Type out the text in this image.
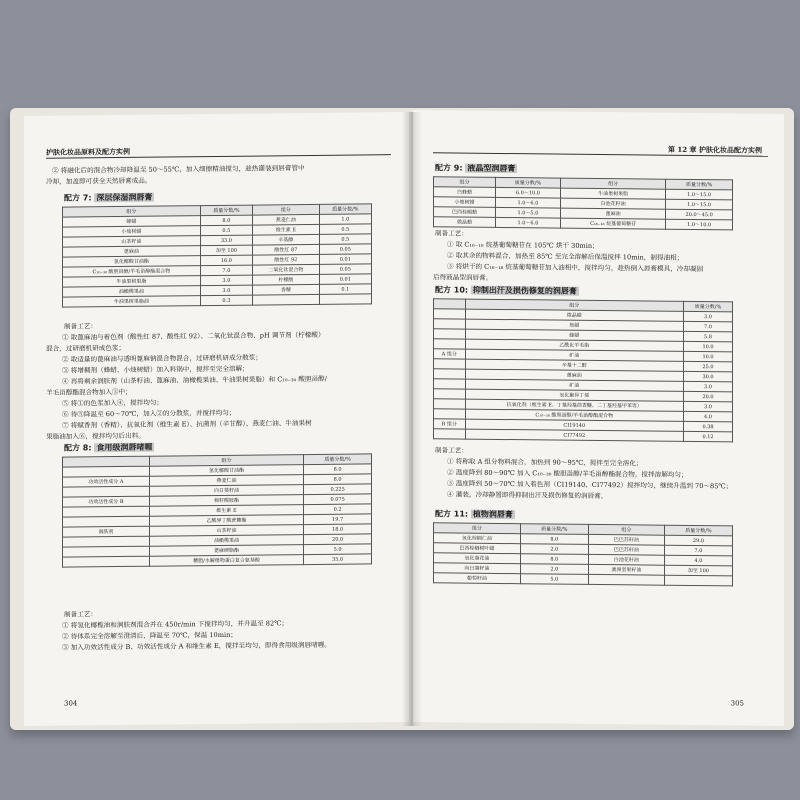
护肤化妆品原料及配方实例
② 将融化后的混合物冷却降温至 50～55℃，加入细擦精油搅匀，趁热灌装到唇膏管中
冷却，加盖即可获全天然唇膏成品。
配方 7: 深层保湿润唇膏
组分	质量分数/%	组分	质量分数/%
蜂蜡	8.0	燕麦仁油	1.0
小烛树蜡	0.5	维生素 E	0.5
山茶籽油	33.0	辛基醇	0.5
蓖麻油	加至 100	酸性红 87	0.05
氢化椰酸甘油酯	16.0	酸性红 92	0.01
C₁₀₋₃₀ 酸胆甾醇/羊毛甾醇酯混合物	7.0	二氧化钛混合物	0.05
牛油果树果脂	3.0	柠檬酸	0.01
油橄榄果油	3.0	香精	0.1
牛油果树果脂油	0.3		
制备工艺：
① 取蓖麻油与着色剂（酸性红 87、酸性红 92）、二氧化钛混合物、pH 调节剂（柠檬酸）
混合，过研磨机研成色浆；
② 取适量的蓖麻油与透明蓖麻钠混合物混合，过研磨机研成分散浆；
③ 将增稠剂（蜂蜡、小烛树蜡）加入料锅中，搅拌至完全溶解；
④ 再将剩余润肤剂（山茶籽油、蓖麻油、油橄榄果油、牛油果树果脂）和 C₁₀₋₃₀ 酸胆甾醇/
羊毛甾醇酯混合物加入③中；
⑤ 将①的色浆加入④，搅拌均匀；
⑥ 待⑤降温至 60～70℃，加入②的分散浆，并搅拌均匀；
⑦ 将赋香剂（香精）、抗氧化剂（维生素 E）、抗菌剂（辛甘醇）、燕麦仁油、牛油果树
果脂油加入⑥，搅拌均匀后出料。
配方 8: 食用级润唇啫喱
	组分	质量分数/%
	氢化椰酸甘油酯	8.0
功效活性成分 A	燕麦仁油	8.0
	向日葵籽油	0.225
功效活性成分 B	棉籽酸胺酯	0.075
	维生素 E	0.2
	乙酰异丁酸蔗糖酯	19.7
润肤剂	山茶籽油	18.0
	油橄榄果油	20.0
	蓖麻硬脂酯	5.0
	糖脂/水解植物蛋白复合氨基酸	35.0
制备工艺：
① 将氢化椰榄油和润肤剂混合并在 450r/min 下搅拌均匀，并升温至 82℃；
② 待体系完全溶解至澄清后，降温至 70℃，保温 10min；
③ 加入功效活性成分 B、功效活性成分 A 和维生素 E，搅拌至均匀，即得食用级润唇啫喱。
304
第 12 章 护肤化妆品配方实例
配方 9: 液晶型润唇膏
组分	质量分数/%	组分	质量分数/%
白蜂蜡	6.0～10.0	牛油果树果脂	1.0～15.0
小烛树蜡	1.0～6.0	白池花籽油	1.0～15.0
巴西棕榈蜡	1.0～5.0	蓖麻油	20.0～45.0
微晶蜡	1.0～6.0	C₁₆₋₁₈ 烷基葡萄糖苷	1.0～10.0
制备工艺：
① 取 C₁₆₋₁₈ 烷基葡萄糖苷在 105℃ 烘干 30min；
② 取其余的物料混合，加热至 85℃ 至完全溶解后保温搅拌 10min，制得油相；
③ 将烘干的 C₁₆₋₁₈ 烷基葡萄糖苷加入油相中，搅拌均匀，趁热倒入唇膏模具，冷却凝固
后得液晶型润唇膏。
配方 10: 抑制出汗及损伤修复的润唇膏
	组分	质量分数/%
	微晶蜡	3.0
	焦蜡	7.0
	蜂蜡	5.8
	乙酰化羊毛脂	10.0
A 组分	矿油	10.0
	辛基十二醇	25.0
	蓖麻油	30.0
	矿油	3.0
	氢化聚异丁烯	20.0
	抗氧化剂（维生素 E、丁基羟基茴香醚、二丁基羟基甲苯等）	3.0
	C₁₀₋₃₀ 酸胆甾醇/羊毛甾醇酯混合物	4.0
B 组分	CI19140	0.38
	CI77492	0.12
制备工艺：
① 将称取 A 组分物料混合，加热到 90～95℃，搅拌至完全溶化；
② 温度降到 80～90℃ 加入 C₁₀₋₃₀ 酸胆甾醇/羊毛甾醇酯混合物，搅拌溶解均匀；
③ 温度降到 50～70℃ 加入着色剂（CI19140、CI77492）搅拌均匀，继续升温到 70～85℃；
④ 灌装，冷却静置即得抑制出汗及损伤修复的润唇膏。
配方 11: 植物润唇膏
组分	质量分数/%	组分	质量分数/%
氢化棕榈仁油	8.0	巴巴苏籽油	29.0
巴西棕榈树叶蜡	2.0	巴巴苏籽油	7.0
氢化葵花油	8.0	白池花籽油	4.0
向日葵籽油	2.0	澳洲坚果籽油	加至 100
葡萄籽油	5.0		
305
